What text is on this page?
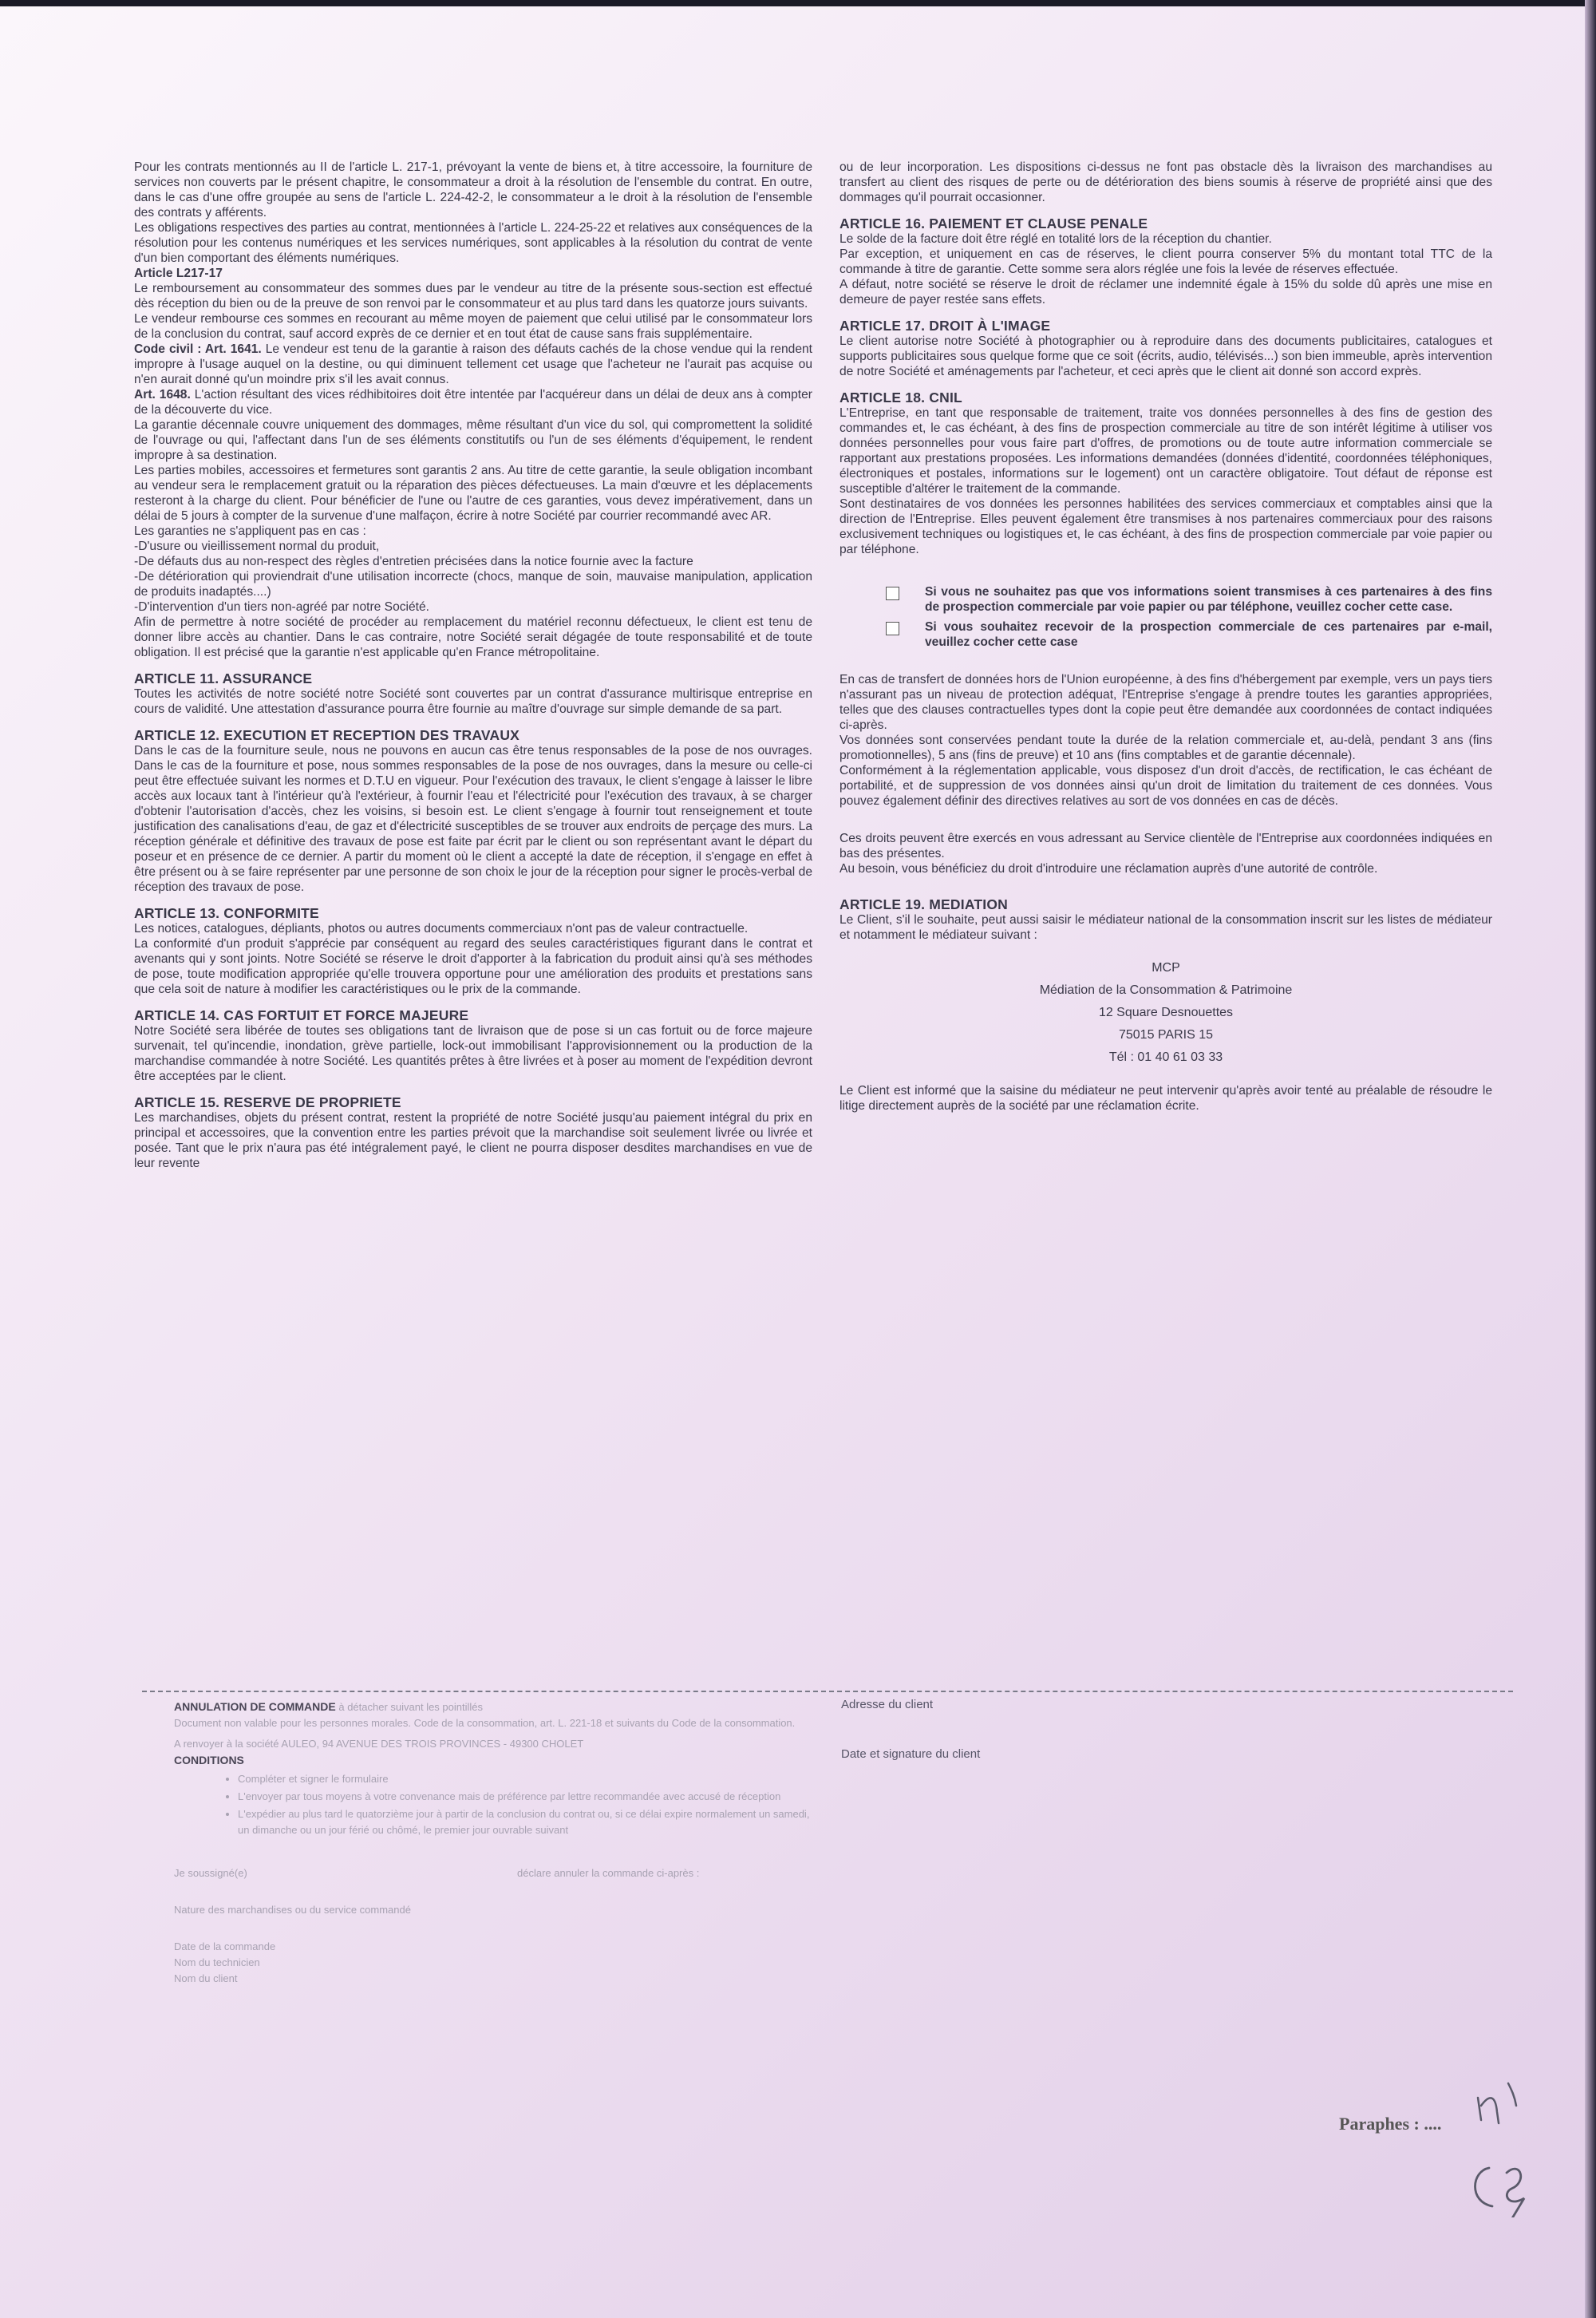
Pour les contrats mentionnés au II de l'article L. 217-1, prévoyant la vente de biens et, à titre accessoire, la fourniture de services non couverts par le présent chapitre, le consommateur a droit à la résolution de l'ensemble du contrat. En outre, dans le cas d'une offre groupée au sens de l'article L. 224-42-2, le consommateur a le droit à la résolution de l'ensemble des contrats y afférents.

Les obligations respectives des parties au contrat, mentionnées à l'article L. 224-25-22 et relatives aux conséquences de la résolution pour les contenus numériques et les services numériques, sont applicables à la résolution du contrat de vente d'un bien comportant des éléments numériques.

Article L217-17

Le remboursement au consommateur des sommes dues par le vendeur au titre de la présente sous-section est effectué dès réception du bien ou de la preuve de son renvoi par le consommateur et au plus tard dans les quatorze jours suivants.

Le vendeur rembourse ces sommes en recourant au même moyen de paiement que celui utilisé par le consommateur lors de la conclusion du contrat, sauf accord exprès de ce dernier et en tout état de cause sans frais supplémentaire.

Code civil : Art. 1641. Le vendeur est tenu de la garantie à raison des défauts cachés de la chose vendue qui la rendent impropre à l'usage auquel on la destine, ou qui diminuent tellement cet usage que l'acheteur ne l'aurait pas acquise ou n'en aurait donné qu'un moindre prix s'il les avait connus.

Art. 1648. L'action résultant des vices rédhibitoires doit être intentée par l'acquéreur dans un délai de deux ans à compter de la découverte du vice.

La garantie décennale couvre uniquement des dommages, même résultant d'un vice du sol, qui compromettent la solidité de l'ouvrage ou qui, l'affectant dans l'un de ses éléments constitutifs ou l'un de ses éléments d'équipement, le rendent impropre à sa destination.

Les parties mobiles, accessoires et fermetures sont garantis 2 ans. Au titre de cette garantie, la seule obligation incombant au vendeur sera le remplacement gratuit ou la réparation des pièces défectueuses. La main d'œuvre et les déplacements resteront à la charge du client. Pour bénéficier de l'une ou l'autre de ces garanties, vous devez impérativement, dans un délai de 5 jours à compter de la survenue d'une malfaçon, écrire à notre Société par courrier recommandé avec AR.

Les garanties ne s'appliquent pas en cas :

-D'usure ou vieillissement normal du produit,

-De défauts dus au non-respect des règles d'entretien précisées dans la notice fournie avec la facture

-De détérioration qui proviendrait d'une utilisation incorrecte (chocs, manque de soin, mauvaise manipulation, application de produits inadaptés....)

-D'intervention d'un tiers non-agréé par notre Société.

Afin de permettre à notre société de procéder au remplacement du matériel reconnu défectueux, le client est tenu de donner libre accès au chantier. Dans le cas contraire, notre Société serait dégagée de toute responsabilité et de toute obligation. Il est précisé que la garantie n'est applicable qu'en France métropolitaine.

ARTICLE 11. ASSURANCE

Toutes les activités de notre société notre Société sont couvertes par un contrat d'assurance multirisque entreprise en cours de validité. Une attestation d'assurance pourra être fournie au maître d'ouvrage sur simple demande de sa part.

ARTICLE 12. EXECUTION ET RECEPTION DES TRAVAUX

Dans le cas de la fourniture seule, nous ne pouvons en aucun cas être tenus responsables de la pose de nos ouvrages. Dans le cas de la fourniture et pose, nous sommes responsables de la pose de nos ouvrages, dans la mesure ou celle-ci peut être effectuée suivant les normes et D.T.U en vigueur. Pour l'exécution des travaux, le client s'engage à laisser le libre accès aux locaux tant à l'intérieur qu'à l'extérieur, à fournir l'eau et l'électricité pour l'exécution des travaux, à se charger d'obtenir l'autorisation d'accès, chez les voisins, si besoin est. Le client s'engage à fournir tout renseignement et toute justification des canalisations d'eau, de gaz et d'électricité susceptibles de se trouver aux endroits de perçage des murs. La réception générale et définitive des travaux de pose est faite par écrit par le client ou son représentant avant le départ du poseur et en présence de ce dernier. A partir du moment où le client a accepté la date de réception, il s'engage en effet à être présent ou à se faire représenter par une personne de son choix le jour de la réception pour signer le procès-verbal de réception des travaux de pose.

ARTICLE 13. CONFORMITE

Les notices, catalogues, dépliants, photos ou autres documents commerciaux n'ont pas de valeur contractuelle.

La conformité d'un produit s'apprécie par conséquent au regard des seules caractéristiques figurant dans le contrat et avenants qui y sont joints. Notre Société se réserve le droit d'apporter à la fabrication du produit ainsi qu'à ses méthodes de pose, toute modification appropriée qu'elle trouvera opportune pour une amélioration des produits et prestations sans que cela soit de nature à modifier les caractéristiques ou le prix de la commande.

ARTICLE 14. CAS FORTUIT ET FORCE MAJEURE

Notre Société sera libérée de toutes ses obligations tant de livraison que de pose si un cas fortuit ou de force majeure survenait, tel qu'incendie, inondation, grève partielle, lock-out immobilisant l'approvisionnement ou la production de la marchandise commandée à notre Société. Les quantités prêtes à être livrées et à poser au moment de l'expédition devront être acceptées par le client.

ARTICLE 15. RESERVE DE PROPRIETE

Les marchandises, objets du présent contrat, restent la propriété de notre Société jusqu'au paiement intégral du prix en principal et accessoires, que la convention entre les parties prévoit que la marchandise soit seulement livrée ou livrée et posée. Tant que le prix n'aura pas été intégralement payé, le client ne pourra disposer desdites marchandises en vue de leur revente

ou de leur incorporation. Les dispositions ci-dessus ne font pas obstacle dès la livraison des marchandises au transfert au client des risques de perte ou de détérioration des biens soumis à réserve de propriété ainsi que des dommages qu'il pourrait occasionner.

ARTICLE 16. PAIEMENT ET CLAUSE PENALE

Le solde de la facture doit être réglé en totalité lors de la réception du chantier.

Par exception, et uniquement en cas de réserves, le client pourra conserver 5% du montant total TTC de la commande à titre de garantie. Cette somme sera alors réglée une fois la levée de réserves effectuée.

A défaut, notre société se réserve le droit de réclamer une indemnité égale à 15% du solde dû après une mise en demeure de payer restée sans effets.

ARTICLE 17. DROIT À L'IMAGE

Le client autorise notre Société à photographier ou à reproduire dans des documents publicitaires, catalogues et supports publicitaires sous quelque forme que ce soit (écrits, audio, télévisés...) son bien immeuble, après intervention de notre Société et aménagements par l'acheteur, et ceci après que le client ait donné son accord exprès.

ARTICLE 18. CNIL

L'Entreprise, en tant que responsable de traitement, traite vos données personnelles à des fins de gestion des commandes et, le cas échéant, à des fins de prospection commerciale au titre de son intérêt légitime à utiliser vos données personnelles pour vous faire part d'offres, de promotions ou de toute autre information commerciale se rapportant aux prestations proposées. Les informations demandées (données d'identité, coordonnées téléphoniques, électroniques et postales, informations sur le logement) ont un caractère obligatoire. Tout défaut de réponse est susceptible d'altérer le traitement de la commande.

Sont destinataires de vos données les personnes habilitées des services commerciaux et comptables ainsi que la direction de l'Entreprise. Elles peuvent également être transmises à nos partenaires commerciaux pour des raisons exclusivement techniques ou logistiques et, le cas échéant, à des fins de prospection commerciale par voie papier ou par téléphone.

Si vous ne souhaitez pas que vos informations soient transmises à ces partenaires à des fins de prospection commerciale par voie papier ou par téléphone, veuillez cocher cette case.
Si vous souhaitez recevoir de la prospection commerciale de ces partenaires par e-mail, veuillez cocher cette case

En cas de transfert de données hors de l'Union européenne, à des fins d'hébergement par exemple, vers un pays tiers n'assurant pas un niveau de protection adéquat, l'Entreprise s'engage à prendre toutes les garanties appropriées, telles que des clauses contractuelles types dont la copie peut être demandée aux coordonnées de contact indiquées ci-après.

Vos données sont conservées pendant toute la durée de la relation commerciale et, au-delà, pendant 3 ans (fins promotionnelles), 5 ans (fins de preuve) et 10 ans (fins comptables et de garantie décennale).

Conformément à la réglementation applicable, vous disposez d'un droit d'accès, de rectification, le cas échéant de portabilité, et de suppression de vos données ainsi qu'un droit de limitation du traitement de ces données. Vous pouvez également définir des directives relatives au sort de vos données en cas de décès.

Ces droits peuvent être exercés en vous adressant au Service clientèle de l'Entreprise aux coordonnées indiquées en bas des présentes.

Au besoin, vous bénéficiez du droit d'introduire une réclamation auprès d'une autorité de contrôle.

ARTICLE 19. MEDIATION

Le Client, s'il le souhaite, peut aussi saisir le médiateur national de la consommation inscrit sur les listes de médiateur et notamment le médiateur suivant :

MCP
Médiation de la Consommation & Patrimoine
12 Square Desnouettes
75015 PARIS 15
Tél : 01 40 61 03 33

Le Client est informé que la saisine du médiateur ne peut intervenir qu'après avoir tenté au préalable de résoudre le litige directement auprès de la société par une réclamation écrite.

ANNULATION DE COMMANDE à détacher suivant les pointillés
Document non valable pour les personnes morales. Code de la consommation, art. L. 221-18 et suivants du Code de la consommation.
A renvoyer à la société AULEO, 94 AVENUE DES TROIS PROVINCES - 49300 CHOLET
CONDITIONS
• Compléter et signer le formulaire
• L'envoyer par tous moyens à votre convenance mais de préférence par lettre recommandée avec accusé de réception
• L'expédier au plus tard le quatorzième jour à partir de la conclusion du contrat ou, si ce délai expire normalement un samedi, un dimanche ou un jour férié ou chômé, le premier jour ouvrable suivant
Je soussigné(e)	déclare annuler la commande ci-après :
Nature des marchandises ou du service commandé
Date de la commande
Nom du technicien
Nom du client
Adresse du client
Date et signature du client
Paraphes : ....
